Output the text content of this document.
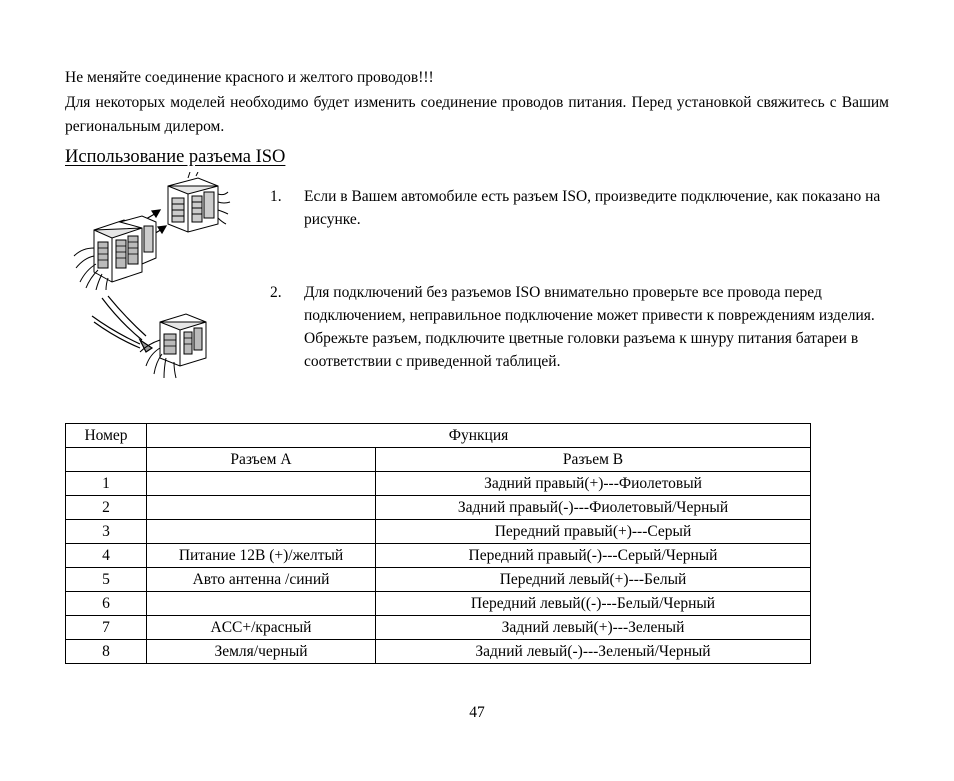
Не меняйте соединение красного и желтого проводов!!!
Для некоторых моделей необходимо будет изменить соединение проводов питания. Перед установкой свяжитесь с Вашим региональным дилером.
Использование разъема ISO
1.	Если в Вашем автомобиле есть разъем ISO, произведите подключение, как показано на рисунке.
2.	Для подключений без разъемов ISO внимательно проверьте все провода перед подключением, неправильное подключение может привести к повреждениям изделия.
Обрежьте разъем, подключите цветные головки разъема к шнуру питания батареи в соответствии с приведенной таблицей.
Номер	Функция	
	Разъем А	Разъем В
1		Задний правый(+)---Фиолетовый
2		Задний правый(-)---Фиолетовый/Черный
3		Передний правый(+)---Серый
4	Питание 12В (+)/желтый	Передний правый(-)---Серый/Черный
5	Авто антенна /синий	Передний левый(+)---Белый
6		Передний левый((-)---Белый/Черный
7	ACC+/красный	Задний левый(+)---Зеленый
8	Земля/черный	Задний левый(-)---Зеленый/Черный
47
